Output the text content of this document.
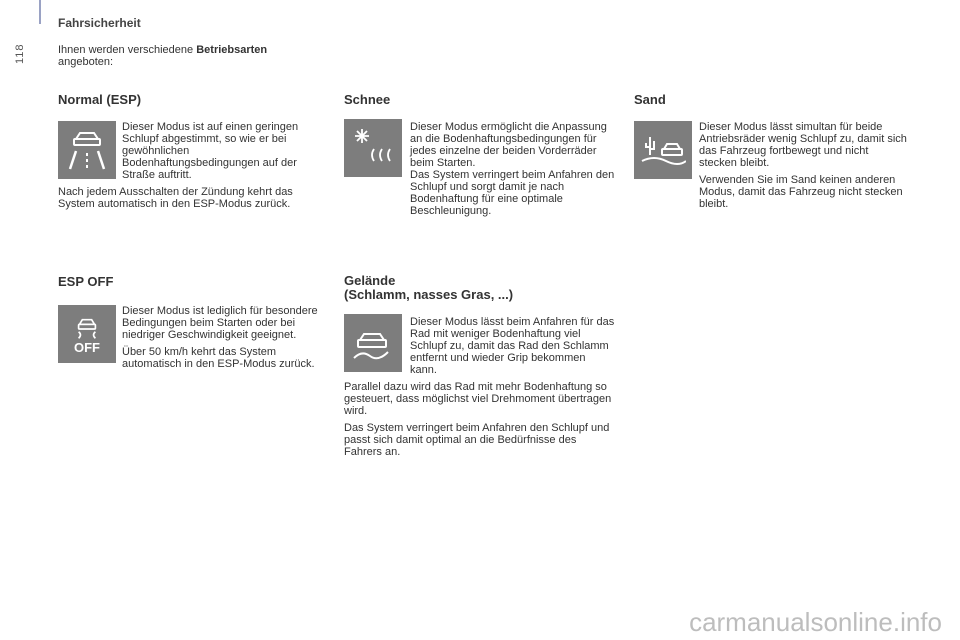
Fahrsicherheit
118	Ihnen werden verschiedene Betriebsarten angeboten:
Normal (ESP)

Dieser Modus ist auf einen geringen Schlupf abgestimmt, so wie er bei gewöhnlichen Bodenhaftungsbedingungen auf der Straße auftritt.

Nach jedem Ausschalten der Zündung kehrt das System automatisch in den ESP-Modus zurück.

ESP OFF
OFF

Dieser Modus ist lediglich für besondere Bedingungen beim Starten oder bei niedriger Geschwindigkeit geeignet.

Über 50 km/h kehrt das System automatisch in den ESP-Modus zurück.

Schnee

Dieser Modus ermöglicht die Anpassung an die Bodenhaftungsbedingungen für jedes einzelne der beiden Vorderräder beim Starten.

Das System verringert beim Anfahren den Schlupf und sorgt damit je nach Bodenhaftung für eine optimale Beschleunigung.

Gelände
(Schlamm, nasses Gras, ...)

Dieser Modus lässt beim Anfahren für das Rad mit weniger Bodenhaftung viel Schlupf zu, damit das Rad den Schlamm entfernt und wieder Grip bekommen kann.

Parallel dazu wird das Rad mit mehr Bodenhaftung so gesteuert, dass möglichst viel Drehmoment übertragen wird.

Das System verringert beim Anfahren den Schlupf und passt sich damit optimal an die Bedürfnisse des Fahrers an.

Sand

Dieser Modus lässt simultan für beide Antriebsräder wenig Schlupf zu, damit sich das Fahrzeug fortbewegt und nicht stecken bleibt.

Verwenden Sie im Sand keinen anderen Modus, damit das Fahrzeug nicht stecken bleibt.

carmanualsonline.info
